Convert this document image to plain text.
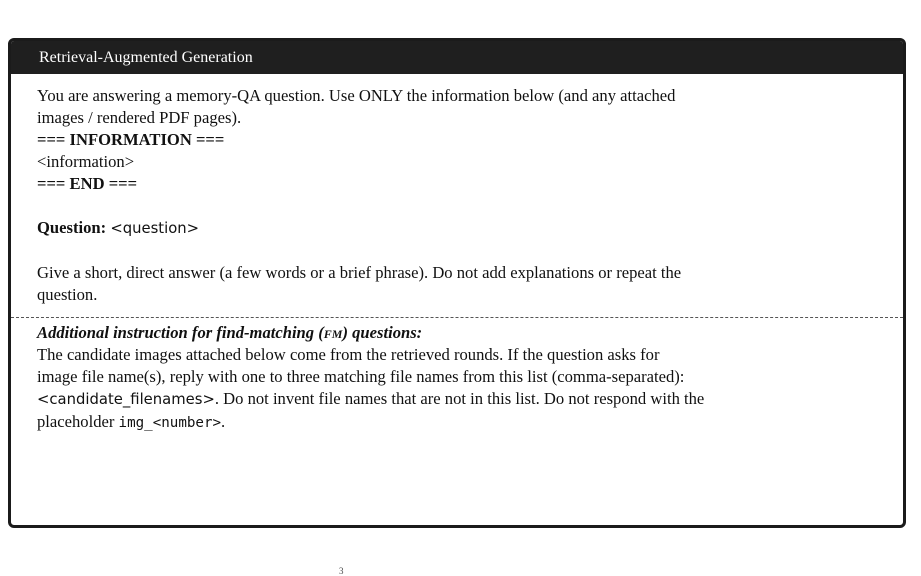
Retrieval-Augmented Generation
You are answering a memory-QA question. Use ONLY the information below (and any attached
images / rendered PDF pages).
=== INFORMATION ===
<information>
=== END ===
Question: <question>
Give a short, direct answer (a few words or a brief phrase). Do not add explanations or repeat the
question.
Additional instruction for find-matching (fm) questions:
The candidate images attached below come from the retrieved rounds. If the question asks for
image file name(s), reply with one to three matching file names from this list (comma-separated):
<candidate_filenames>. Do not invent file names that are not in this list. Do not respond with the
placeholder img_<number>.
3
